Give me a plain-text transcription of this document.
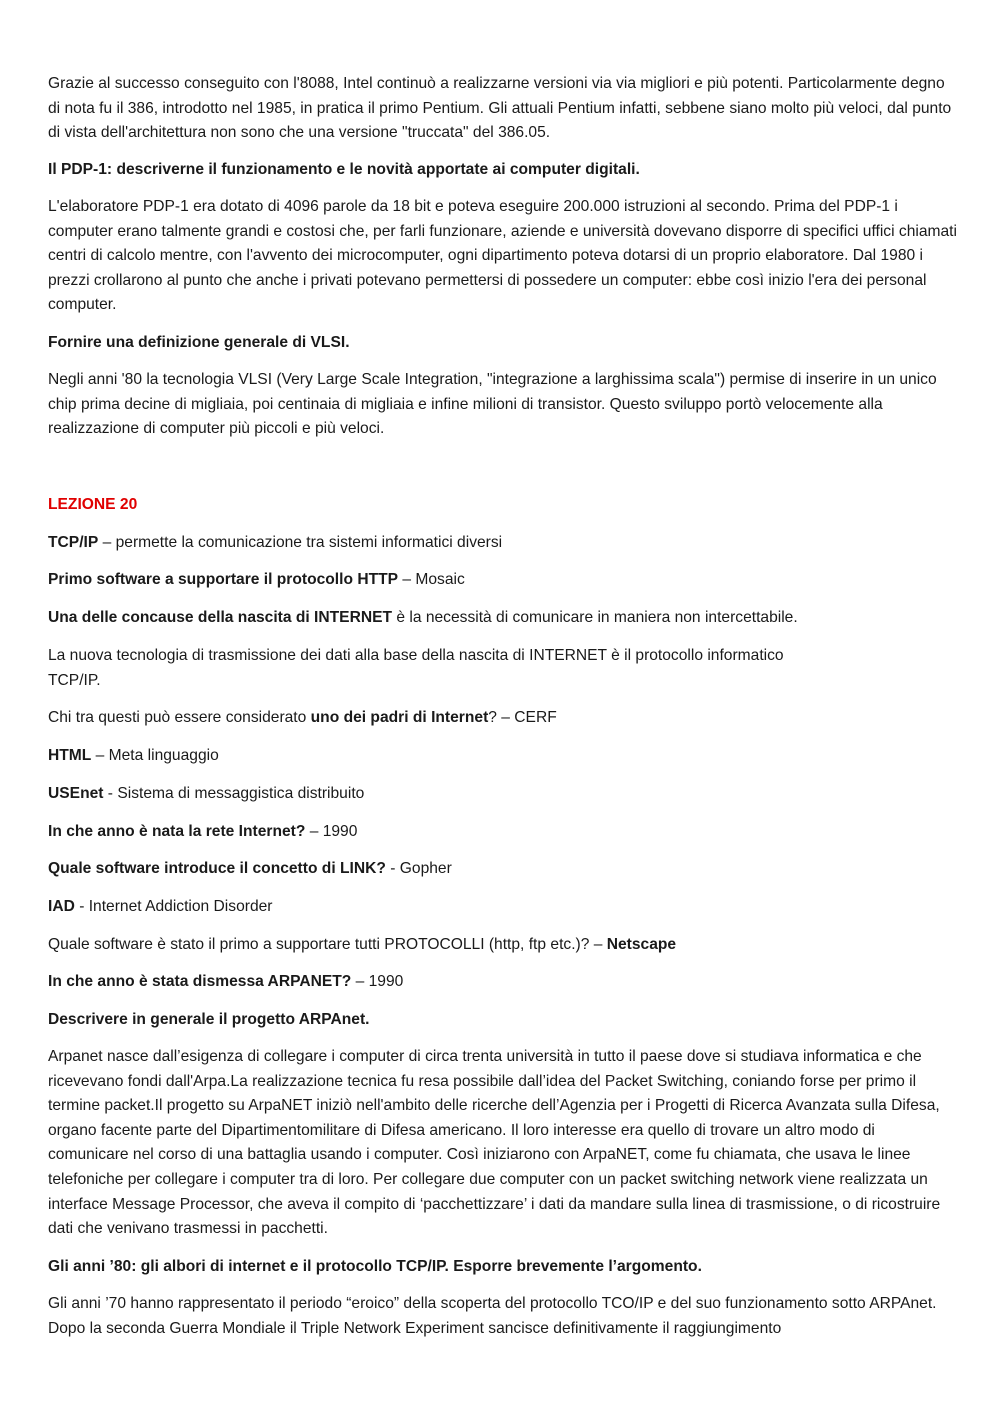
Grazie al successo conseguito con l'8088, Intel continuò a realizzarne versioni via via migliori e più potenti. Particolarmente degno di nota fu il 386, introdotto nel 1985, in pratica il primo Pentium. Gli attuali Pentium infatti, sebbene siano molto più veloci, dal punto di vista dell'architettura non sono che una versione "truccata" del 386.05.

Il PDP-1: descriverne il funzionamento e le novità apportate ai computer digitali.

L'elaboratore PDP-1 era dotato di 4096 parole da 18 bit e poteva eseguire 200.000 istruzioni al secondo. Prima del PDP-1 i computer erano talmente grandi e costosi che, per farli funzionare, aziende e università dovevano disporre di specifici uffici chiamati centri di calcolo mentre, con l'avvento dei microcomputer, ogni dipartimento poteva dotarsi di un proprio elaboratore. Dal 1980 i prezzi crollarono al punto che anche i privati potevano permettersi di possedere un computer: ebbe così inizio l'era dei personal computer.

Fornire una definizione generale di VLSI.

Negli anni '80 la tecnologia VLSI (Very Large Scale Integration, "integrazione a larghissima scala") permise di inserire in un unico chip prima decine di migliaia, poi centinaia di migliaia e infine milioni di transistor. Questo sviluppo portò velocemente alla realizzazione di computer più piccoli e più veloci.

LEZIONE 20

TCP/IP – permette la comunicazione tra sistemi informatici diversi

Primo software a supportare il protocollo HTTP – Mosaic

Una delle concause della nascita di INTERNET è la necessità di comunicare in maniera non intercettabile.

La nuova tecnologia di trasmissione dei dati alla base della nascita di INTERNET è il protocollo informatico
TCP/IP.

Chi tra questi può essere considerato uno dei padri di Internet? – CERF

HTML – Meta linguaggio

USEnet - Sistema di messaggistica distribuito

In che anno è nata la rete Internet? – 1990

Quale software introduce il concetto di LINK? - Gopher

IAD - Internet Addiction Disorder

Quale software è stato il primo a supportare tutti PROTOCOLLI (http, ftp etc.)? – Netscape

In che anno è stata dismessa ARPANET? – 1990

Descrivere in generale il progetto ARPAnet.

Arpanet nasce dall’esigenza di collegare i computer di circa trenta università in tutto il paese dove si studiava informatica e che ricevevano fondi dall'Arpa.La realizzazione tecnica fu resa possibile dall’idea del Packet Switching, coniando forse per primo il termine packet.Il progetto su ArpaNET iniziò nell'ambito delle ricerche dell’Agenzia per i Progetti di Ricerca Avanzata sulla Difesa, organo facente parte del Dipartimentomilitare di Difesa americano. Il loro interesse era quello di trovare un altro modo di comunicare nel corso di una battaglia usando i computer. Così iniziarono con ArpaNET, come fu chiamata, che usava le linee telefoniche per collegare i computer tra di loro. Per collegare due computer con un packet switching network viene realizzata un interface Message Processor, che aveva il compito di ‘pacchettizzare’ i dati da mandare sulla linea di trasmissione, o di ricostruire dati che venivano trasmessi in pacchetti.

Gli anni ’80: gli albori di internet e il protocollo TCP/IP. Esporre brevemente l’argomento.

Gli anni ’70 hanno rappresentato il periodo “eroico” della scoperta del protocollo TCO/IP e del suo funzionamento sotto ARPAnet. Dopo la seconda Guerra Mondiale il Triple Network Experiment sancisce definitivamente il raggiungimento
